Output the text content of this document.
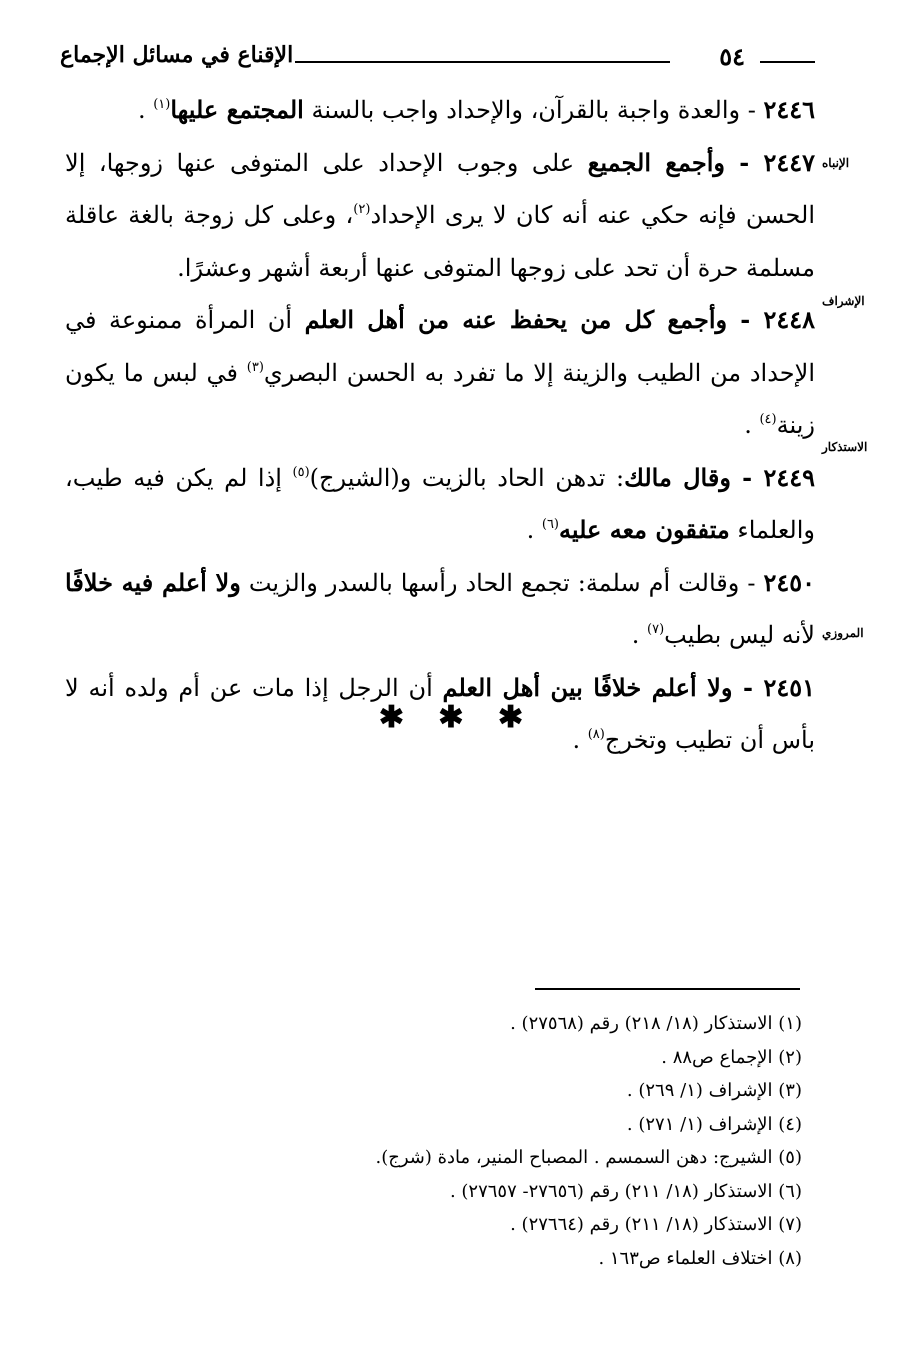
٥٤
الإقناع في مسائل الإجماع

٢٤٤٦ - والعدة واجبة بالقرآن، والإحداد واجب بالسنة المجتمع عليها$^{(١)}$ .

٢٤٤٧ - وأجمع الجميع على وجوب الإحداد على المتوفى عنها زوجها، إلا الحسن فإنه حكي عنه أنه كان لا يرى الإحداد$^{(٢)}$، وعلى كل زوجة بالغة عاقلة مسلمة حرة أن تحد على زوجها المتوفى عنها أربعة أشهر وعشرًا.

٢٤٤٨ - وأجمع كل من يحفظ عنه من أهل العلم أن المرأة ممنوعة في الإحداد من الطيب والزينة إلا ما تفرد به الحسن البصري$^{(٣)}$ في لبس ما يكون زينة$^{(٤)}$ .

٢٤٤٩ - وقال مالك: تدهن الحاد بالزيت و(الشيرج)$^{(٥)}$ إذا لم يكن فيه طيب، والعلماء متفقون معه عليه$^{(٦)}$ .

٢٤٥٠ - وقالت أم سلمة: تجمع الحاد رأسها بالسدر والزيت ولا أعلم فيه خلافًا لأنه ليس بطيب$^{(٧)}$ .

٢٤٥١ - ولا أعلم خلافًا بين أهل العلم أن الرجل إذا مات عن أم ولده أنه لا بأس أن تطيب وتخرج$^{(٨)}$ .

الإنباه
الإشراف
الاستذكار
المروزي
✱ ✱ ✱

(١) الاستذكار (١٨/ ٢١٨) رقم (٢٧٥٦٨) .

(٢) الإجماع ص٨٨ .

(٣) الإشراف (١/ ٢٦٩) .

(٤) الإشراف (١/ ٢٧١) .

(٥) الشيرج: دهن السمسم . المصباح المنير، مادة (شرج).

(٦) الاستذكار (١٨/ ٢١١) رقم (٢٧٦٥٦- ٢٧٦٥٧) .

(٧) الاستذكار (١٨/ ٢١١) رقم (٢٧٦٦٤) .

(٨) اختلاف العلماء ص١٦٣ .
